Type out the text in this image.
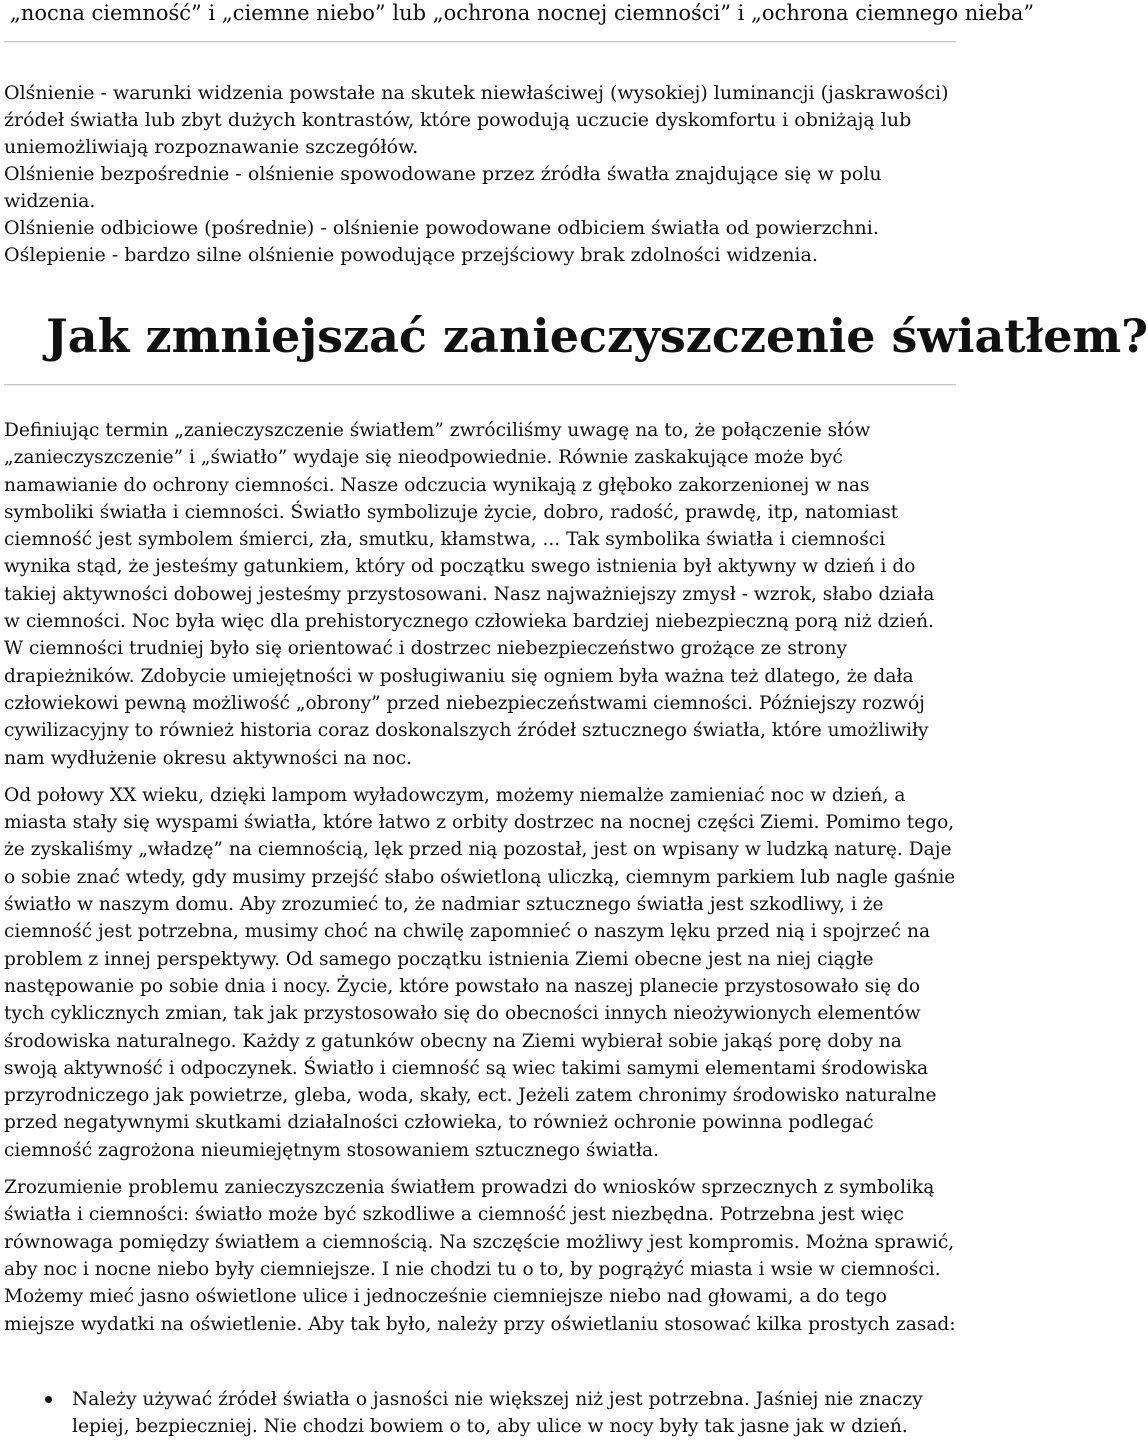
„nocna ciemność” i „ciemne niebo” lub „ochrona nocnej ciemności” i „ochrona ciemnego nieba”

Olśnienie - warunki widzenia powstałe na skutek niewłaściwej (wysokiej) luminancji (jaskrawości) źródeł światła lub zbyt dużych kontrastów, które powodują uczucie dyskomfortu i obniżają lub uniemożliwiają rozpoznawanie szczegółów.

Olśnienie bezpośrednie - olśnienie spowodowane przez źródła śwatła znajdujące się w polu widzenia.

Olśnienie odbiciowe (pośrednie) - olśnienie powodowane odbiciem światła od powierzchni.

Oślepienie - bardzo silne olśnienie powodujące przejściowy brak zdolności widzenia.

Jak zmniejszać zanieczyszczenie światłem?

Definiując termin „zanieczyszczenie światłem” zwróciliśmy uwagę na to, że połączenie słów „zanieczyszczenie” i „światło” wydaje się nieodpowiednie. Równie zaskakujące może być namawianie do ochrony ciemności. Nasze odczucia wynikają z głęboko zakorzenionej w nas symboliki światła i ciemności. Światło symbolizuje życie, dobro, radość, prawdę, itp, natomiast ciemność jest symbolem śmierci, zła, smutku, kłamstwa, ... Tak symbolika światła i ciemności wynika stąd, że jesteśmy gatunkiem, który od początku swego istnienia był aktywny w dzień i do takiej aktywności dobowej jesteśmy przystosowani. Nasz najważniejszy zmysł - wzrok, słabo działa w ciemności. Noc była więc dla prehistorycznego człowieka bardziej niebezpieczną porą niż dzień. W ciemności trudniej było się orientować i dostrzec niebezpieczeństwo grożące ze strony drapieżników. Zdobycie umiejętności w posługiwaniu się ogniem była ważna też dlatego, że dała człowiekowi pewną możliwość „obrony” przed niebezpieczeństwami ciemności. Późniejszy rozwój cywilizacyjny to również historia coraz doskonalszych źródeł sztucznego światła, które umożliwiły nam wydłużenie okresu aktywności na noc.

Od połowy XX wieku, dzięki lampom wyładowczym, możemy niemalże zamieniać noc w dzień, a miasta stały się wyspami światła, które łatwo z orbity dostrzec na nocnej części Ziemi. Pomimo tego, że zyskaliśmy „władzę” na ciemnością, lęk przed nią pozostał, jest on wpisany w ludzką naturę. Daje o sobie znać wtedy, gdy musimy przejść słabo oświetloną uliczką, ciemnym parkiem lub nagle gaśnie światło w naszym domu. Aby zrozumieć to, że nadmiar sztucznego światła jest szkodliwy, i że ciemność jest potrzebna, musimy choć na chwilę zapomnieć o naszym lęku przed nią i spojrzeć na problem z innej perspektywy. Od samego początku istnienia Ziemi obecne jest na niej ciągłe następowanie po sobie dnia i nocy. Życie, które powstało na naszej planecie przystosowało się do tych cyklicznych zmian, tak jak przystosowało się do obecności innych nieożywionych elementów środowiska naturalnego. Każdy z gatunków obecny na Ziemi wybierał sobie jakąś porę doby na swoją aktywność i odpoczynek. Światło i ciemność są wiec takimi samymi elementami środowiska przyrodniczego jak powietrze, gleba, woda, skały, ect. Jeżeli zatem chronimy środowisko naturalne przed negatywnymi skutkami działalności człowieka, to również ochronie powinna podlegać ciemność zagrożona nieumiejętnym stosowaniem sztucznego światła.

Zrozumienie problemu zanieczyszczenia światłem prowadzi do wniosków sprzecznych z symboliką światła i ciemności: światło może być szkodliwe a ciemność jest niezbędna. Potrzebna jest więc równowaga pomiędzy światłem a ciemnością. Na szczęście możliwy jest kompromis. Można sprawić, aby noc i nocne niebo były ciemniejsze. I nie chodzi tu o to, by pogrążyć miasta i wsie w ciemności. Możemy mieć jasno oświetlone ulice i jednocześnie ciemniejsze niebo nad głowami, a do tego miejsze wydatki na oświetlenie. Aby tak było, należy przy oświetlaniu stosować kilka prostych zasad:

Należy używać źródeł światła o jasności nie większej niż jest potrzebna. Jaśniej nie znaczy lepiej, bezpieczniej. Nie chodzi bowiem o to, aby ulice w nocy były tak jasne jak w dzień.
